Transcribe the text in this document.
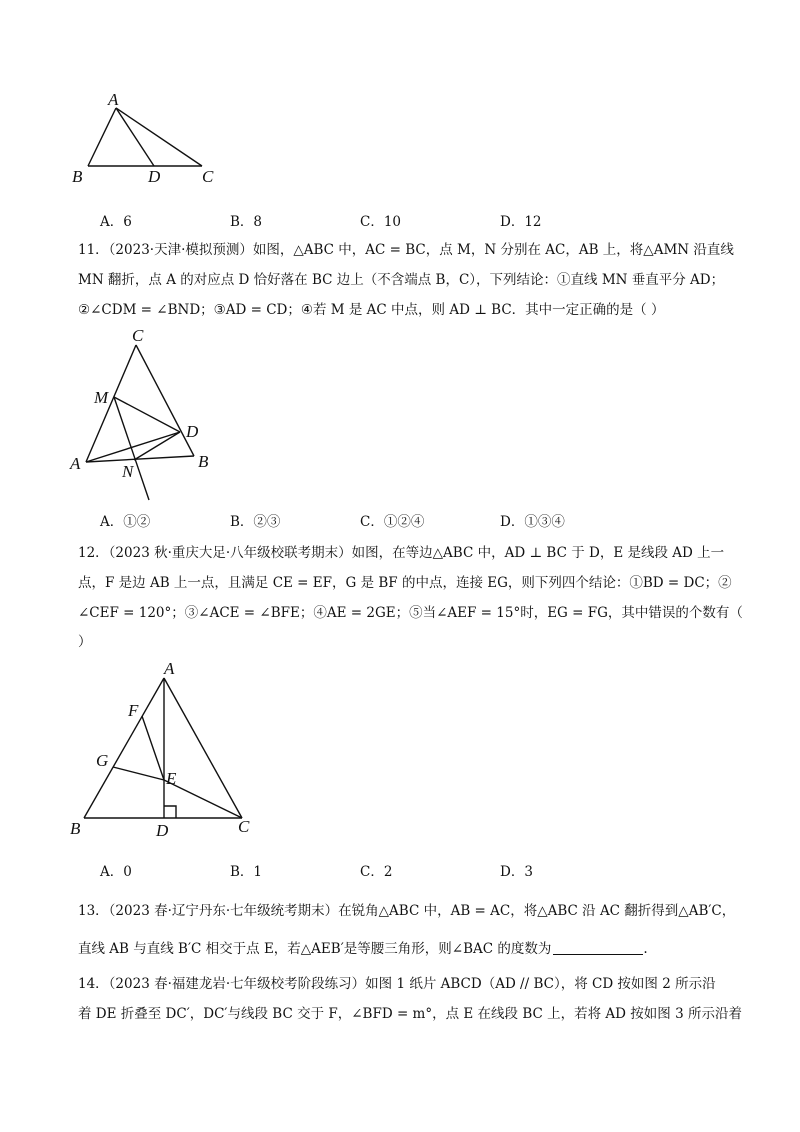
A
B	D C
A．6	B．8	C．10	D．12
11．（2023·天津·模拟预测）如图，△ABC 中，AC = BC，点 M，N 分别在 AC，AB 上，将△AMN 沿直线
MN 翻折，点 A 的对应点 D 恰好落在 BC 边上（不含端点 B，C），下列结论：①直线 MN 垂直平分 AD；
②∠CDM = ∠BND；③AD = CD；④若 M 是 AC 中点，则 AD ⊥ BC．其中一定正确的是（ ）
C
M
D
A N
B
A．①②	B．②③	C．①②④	D．①③④
12．（2023 秋·重庆大足·八年级校联考期末）如图，在等边△ABC 中，AD ⊥ BC 于 D，E 是线段 AD 上一
点，F 是边 AB 上一点，且满足 CE = EF，G 是 BF 的中点，连接 EG，则下列四个结论：①BD = DC；②
∠CEF = 120°；③∠ACE = ∠BFE；④AE = 2GE；⑤当∠AEF = 15°时，EG = FG，其中错误的个数有（
）
A
F
G
E
B	D	C
A．0	B．1	C．2	D．3
13．（2023 春·辽宁丹东·七年级统考期末）在锐角△ABC 中，AB = AC，将△ABC 沿 AC 翻折得到△AB′C，
直线 AB 与直线 B′C 相交于点 E，若△AEB′是等腰三角形，则∠BAC 的度数为	.
14．（2023 春·福建龙岩·七年级校考阶段练习）如图 1 纸片 ABCD（AD // BC），将 CD 按如图 2 所示沿
着 DE 折叠至 DC′，DC′与线段 BC 交于 F，∠BFD = m°，点 E 在线段 BC 上，若将 AD 按如图 3 所示沿着
